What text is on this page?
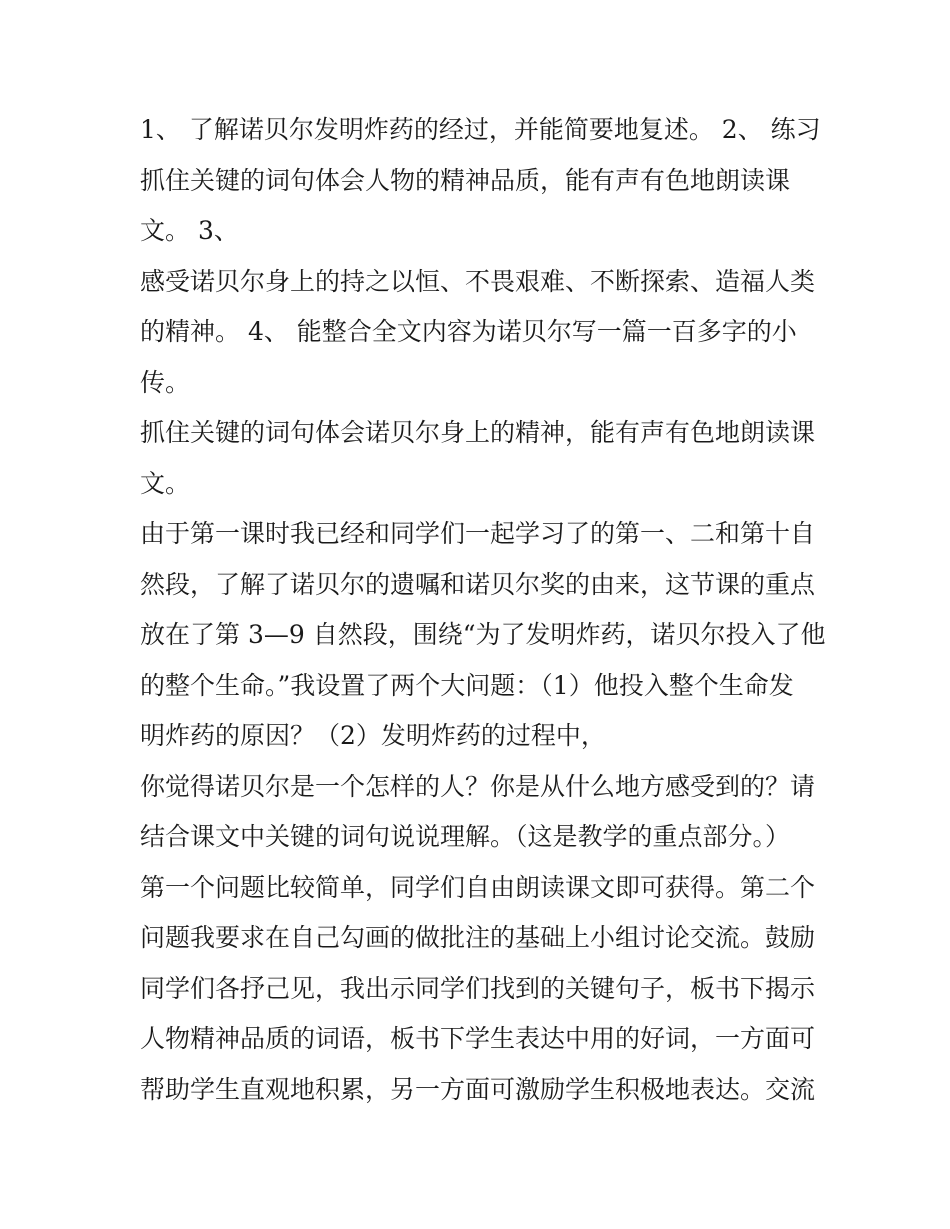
1、 了解诺贝尔发明炸药的经过，并能简要地复述。 2、 练习
抓住关键的词句体会人物的精神品质，能有声有色地朗读课
文。 3、
感受诺贝尔身上的持之以恒、不畏艰难、不断探索、造福人类
的精神。 4、 能整合全文内容为诺贝尔写一篇一百多字的小
传。
抓住关键的词句体会诺贝尔身上的精神，能有声有色地朗读课
文。
由于第一课时我已经和同学们一起学习了的第一、二和第十自
然段，了解了诺贝尔的遗嘱和诺贝尔奖的由来，这节课的重点
放在了第 3—9 自然段，围绕“为了发明炸药，诺贝尔投入了他
的整个生命。”我设置了两个大问题：（1）他投入整个生命发
明炸药的原因？（2）发明炸药的过程中，
你觉得诺贝尔是一个怎样的人？你是从什么地方感受到的？请
结合课文中关键的词句说说理解。（这是教学的重点部分。）
第一个问题比较简单，同学们自由朗读课文即可获得。第二个
问题我要求在自己勾画的做批注的基础上小组讨论交流。鼓励
同学们各抒己见，我出示同学们找到的关键句子，板书下揭示
人物精神品质的词语，板书下学生表达中用的好词，一方面可
帮助学生直观地积累，另一方面可激励学生积极地表达。交流
